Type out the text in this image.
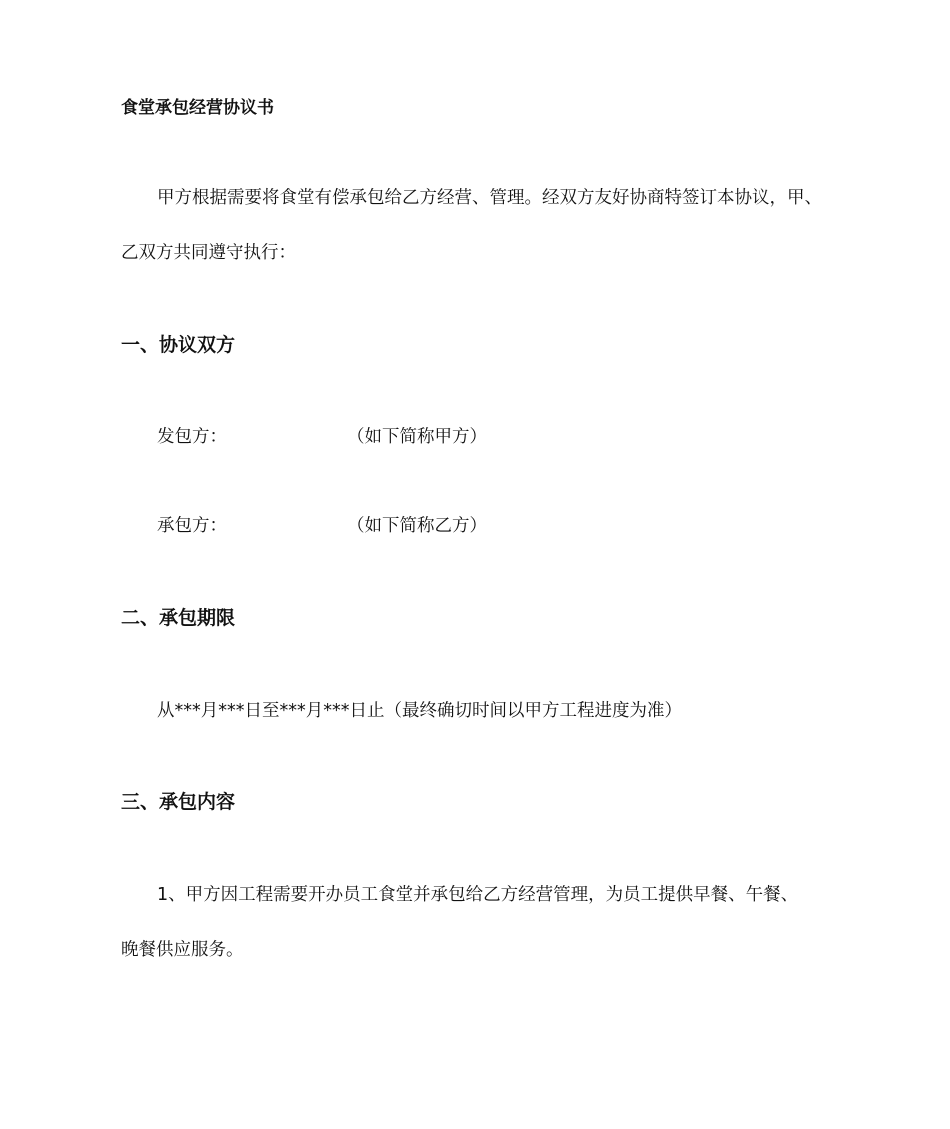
食堂承包经营协议书
甲方根据需要将食堂有偿承包给乙方经营、管理。经双方友好协商特签订本协议，甲、
乙双方共同遵守执行：
一、协议双方
发包方：	（如下简称甲方）
承包方：	（如下简称乙方）
二、承包期限
从***月***日至***月***日止（最终确切时间以甲方工程进度为准）
三、承包内容
1、甲方因工程需要开办员工食堂并承包给乙方经营管理，为员工提供早餐、午餐、
晚餐供应服务。
